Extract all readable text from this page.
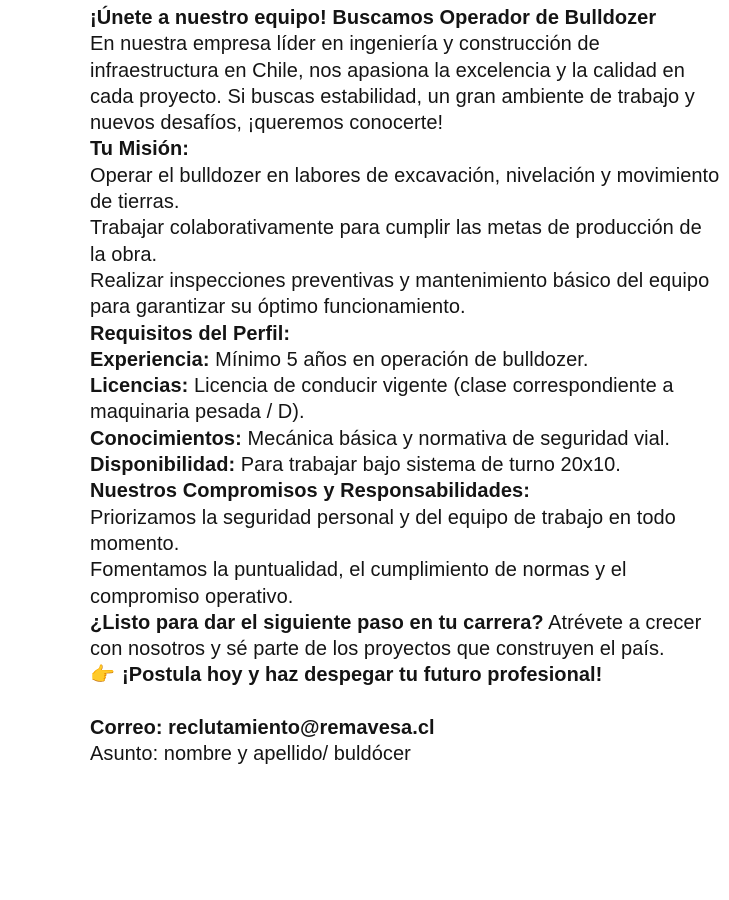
¡Únete a nuestro equipo! Buscamos Operador de Bulldozer

En nuestra empresa líder en ingeniería y construcción de infraestructura en Chile, nos apasiona la excelencia y la calidad en cada proyecto. Si buscas estabilidad, un gran ambiente de trabajo y nuevos desafíos, ¡queremos conocerte!

Tu Misión:

Operar el bulldozer en labores de excavación, nivelación y movimiento de tierras.

Trabajar colaborativamente para cumplir las metas de producción de la obra.

Realizar inspecciones preventivas y mantenimiento básico del equipo para garantizar su óptimo funcionamiento.

Requisitos del Perfil:

Experiencia: Mínimo 5 años en operación de bulldozer.

Licencias: Licencia de conducir vigente (clase correspondiente a maquinaria pesada / D).

Conocimientos: Mecánica básica y normativa de seguridad vial.

Disponibilidad: Para trabajar bajo sistema de turno 20x10.

Nuestros Compromisos y Responsabilidades:

Priorizamos la seguridad personal y del equipo de trabajo en todo momento.

Fomentamos la puntualidad, el cumplimiento de normas y el compromiso operativo.

¿Listo para dar el siguiente paso en tu carrera? Atrévete a crecer con nosotros y sé parte de los proyectos que construyen el país.

👉 ¡Postula hoy y haz despegar tu futuro profesional!

Correo: reclutamiento@remavesa.cl

Asunto: nombre y apellido/ buldócer
